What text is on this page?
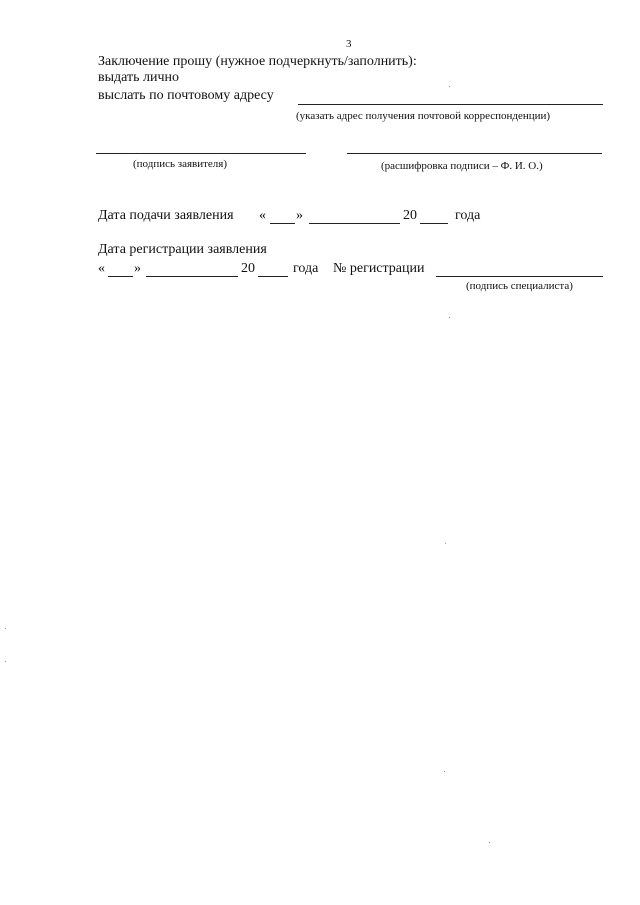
3
Заключение прошу (нужное подчеркнуть/заполнить):
выдать лично
выслать по почтовому адресу
(указать адрес получения почтовой корреспонденции)
(подпись заявителя)	(расшифровка подписи – Ф. И. О.)
Дата подачи заявления « »	20	года
Дата регистрации заявления
« »	20	года № регистрации
(подпись специалиста)
